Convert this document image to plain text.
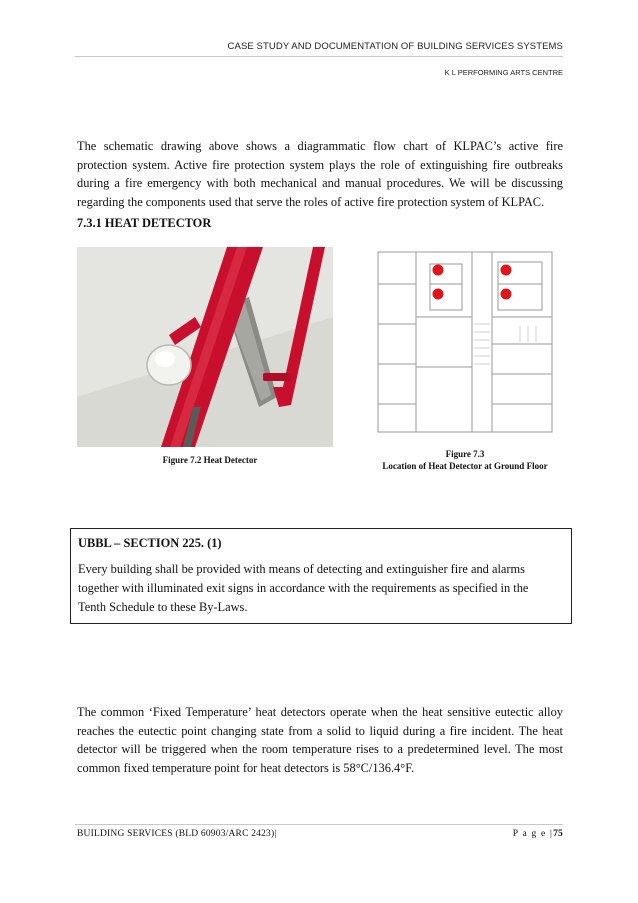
CASE STUDY AND DOCUMENTATION OF BUILDING SERVICES SYSTEMS
K L PERFORMING ARTS CENTRE
The schematic drawing above shows a diagrammatic flow chart of KLPAC’s active fire protection system. Active fire protection system plays the role of extinguishing fire outbreaks during a fire emergency with both mechanical and manual procedures. We will be discussing regarding the components used that serve the roles of active fire protection system of KLPAC.
7.3.1 HEAT DETECTOR
Figure 7.2 Heat Detector
Figure 7.3
Location of Heat Detector at Ground Floor
UBBL – SECTION 225. (1)
Every building shall be provided with means of detecting and extinguisher fire and alarms together with illuminated exit signs in accordance with the requirements as specified in the Tenth Schedule to these By-Laws.
The common ‘Fixed Temperature’ heat detectors operate when the heat sensitive eutectic alloy reaches the eutectic point changing state from a solid to liquid during a fire incident. The heat detector will be triggered when the room temperature rises to a predetermined level. The most common fixed temperature point for heat detectors is 58°C/136.4°F.
BUILDING SERVICES (BLD 60903/ARC 2423)|	P a g e |75
